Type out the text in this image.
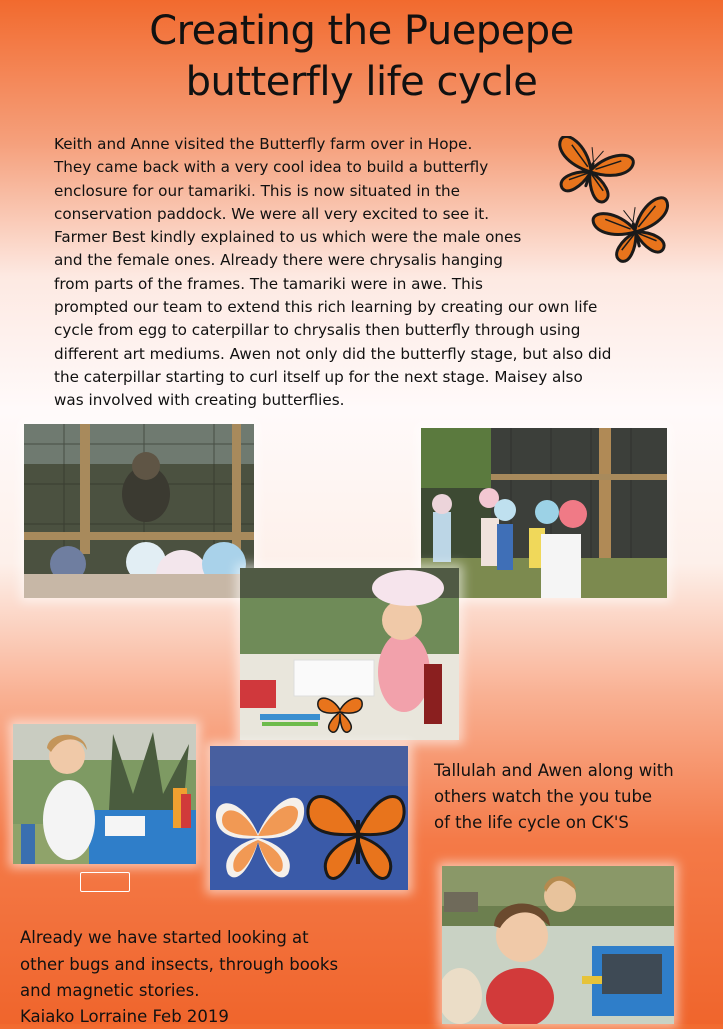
Creating the Puepepe
butterfly life cycle
Keith and Anne visited the Butterfly farm over in Hope.
They came back with a very cool idea to build a butterfly
enclosure for our tamariki. This is now situated in the
conservation paddock. We were all very excited to see it.
Farmer Best kindly explained to us which were the male ones
and the female ones. Already there were chrysalis hanging
from parts of the frames. The tamariki were in awe. This
prompted our team to extend this rich learning by creating our own life
cycle from egg to caterpillar to chrysalis then butterfly through using
different art mediums. Awen not only did the butterfly stage, but also did
the caterpillar starting to curl itself up for the next stage. Maisey also
was involved with creating butterflies.
Tallulah and Awen along with
others watch the you tube
of the life cycle on CK'S
Already we have started looking at
other bugs and insects, through books
and magnetic stories.
Kaiako Lorraine Feb 2019
